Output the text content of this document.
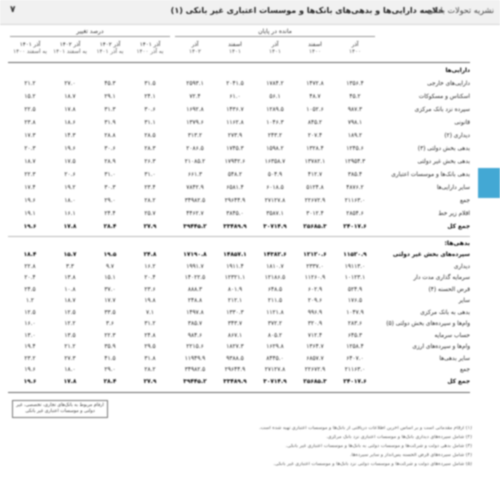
۷	خلاصه دارایی‌ها و بدهی‌های بانک‌ها و موسسات اعتباری غیر بانکی (۱)
نشریه تحولات بانکی
مانده در پایان
درصد تغییر
آذر
۱۴۰۰
اسفند
۱۴۰۰
آذر
۱۴۰۱
اسفند
۱۴۰۱
آذر
۱۴۰۲
آذر ۱۴۰۱
به آذر ۱۴۰۰
آذر ۱۴۰۲
به آذر ۱۴۰۱
آذر ۱۴۰۲
به اسفند ۱۴۰۱
آذر ۱۴۰۱
به اسفند ۱۴۰۰
دارایی‌ها
دارایی‌های خارجی
۱۳۵۶.۴
۱۴۷۲.۸
۱۷۸۴.۲
۲۰۴۱.۵
۲۵۹۳.۱
۳۱.۵
۴۵.۳
۲۷.۰
۲۱.۲
اسکناس و مسکوکات
۴۵.۲
۴۸.۷
۵۶.۱
۶۱.۰
۷۲.۴
۲۴.۱
۲۹.۱
۱۸.۷
۱۵.۲
سپرده نزد بانک مرکزی
۹۸۷.۳
۱۰۵۲.۶
۱۲۸۹.۵
۱۴۳۶.۷
۱۶۹۲.۸
۳۰.۶
۳۱.۳
۱۷.۸
۲۲.۵
قانونی
۷۹۸.۱
۸۴۵.۲
۱۰۴۶.۳
۱۱۶۲.۸
۱۳۷۹.۶
۳۱.۱
۳۱.۹
۱۸.۶
۲۳.۸
دیداری (۲)
۱۸۹.۲
۲۰۷.۴
۲۴۳.۲
۲۷۳.۹
۳۱۳.۲
۲۸.۵
۲۸.۸
۱۴.۳
۱۷.۳
بدهی بخش دولتی (۳)
۱۲۴۵.۶
۱۳۲۸.۴
۱۵۹۸.۲
۱۷۴۵.۳
۲۰۸۶.۵
۲۸.۳
۳۰.۶
۱۹.۶
۲۰.۳
بدهی بخش غیر دولتی
۱۲۹۵۴.۳
۱۳۷۸۲.۱
۱۶۳۵۸.۷
۱۷۹۴۲.۶
۲۱۰۸۵.۲
۲۶.۳
۲۸.۹
۱۷.۵
۱۸.۷
بدهی بانک‌ها و موسسات اعتباری
۳۸۵.۴
۴۱۲.۷
۵۰۴.۹
۵۴۸.۲
۶۶۱.۳
۳۱.۰
۳۱.۰
۲۰.۶
۲۲.۳
سایر دارایی‌ها
۴۸۷۶.۲
۵۱۲۴.۸
۶۰۱۸.۵
۶۵۸۱.۴
۷۸۴۲.۹
۲۳.۴
۳۰.۳
۱۹.۲
۱۷.۴
جمع
۲۱۱۶۳.۰
۲۲۶۷۲.۹
۲۷۱۲۷.۸
۲۹۶۴۴.۹
۳۴۹۸۲.۵
۲۸.۲
۲۹.۰
۱۸.۰
۱۹.۶
اقلام زیر خط
۲۸۵۴.۶
۳۰۱۲.۴
۳۵۸۷.۱
۳۸۴۵.۰
۴۴۶۲.۷
۲۵.۷
۲۴.۴
۱۶.۱
۱۹.۱
جمع کل
۲۴۰۱۷.۶
۲۵۶۸۵.۳
۳۰۷۱۴.۹
۳۳۴۸۹.۹
۳۹۴۴۵.۲
۲۷.۹
۲۸.۴
۱۷.۸
۱۹.۶
بدهی‌ها:
سپرده‌های بخش غیر دولتی
۱۱۵۲۰.۹
۱۲۱۲۰.۶
۱۴۳۸۲.۶
۱۴۸۵۷.۱
۱۷۱۹۰.۸
۲۴.۸
۱۹.۵
۱۵.۷
۱۸.۴
دیداری
۱۹۱۱۳.۰
۲۳۳۷.۰
۱۸۱۰.۷
۱۹۱۱.۴
۱۹۹۱.۷
۱۶.۲
۹.۷
۳.۳
۲۲.۸
سرمایه گذاری مدت دار
۱۰۱۲۳.۱
۱۱۲۶۰.۹
۱۲۱۸۶.۵
۱۲۳۲۱.۱
۱۴۰۲۲.۵
۲۰.۴
۱۵.۱
۱۳.۸
۲۰.۴
قرض الحسنه (۴)
۵۲۴.۹
۶۰۲.۹
۶۴۸.۵
۸۰۱.۹
۸۸۸.۳
۲۳.۶
۳۷.۰
۱۰.۸
۲۴.۵
سایر
۱۷۶.۵
۲۰۹.۶
۲۱۱.۵
۲۱۲.۱
۲۴۸.۸
۱۹.۸
۱۷.۷
۱۸.۷
۱.۲
بدهی به بانک مرکزی
۱۰۴۷.۹
۹۹۶.۹
۱۱۲۱.۸
۱۳۳۰.۳
۱۴۹۷.۸
۷.۱
۳۳.۵
۱۲.۵
۱۲.۵
وام‌ها و سپرده‌های بخش دولتی (۵)
۲۸۳.۶
۳۲۰.۹
۳۷۲.۲
۳۴۳.۷
۳۸۵.۷
۳۱.۲
۳.۶
۱۲.۲
۱۶.۰
حساب سرمایه
۶۴۵.۳
۷۱۲.۴
۸۰۵.۲
۸۶۷.۱
۹۸۴.۶
۲۴.۸
۲۲.۳
۱۳.۵
۱۳.۰
وام‌ها و سپرده‌های ارزی
۱۲۵۸.۴
۱۳۶۴.۷
۱۶۲۹.۸
۱۸۲۷.۳
۲۲۱۵.۶
۲۹.۵
۳۵.۹
۲۱.۲
۱۹.۴
سایر بدهی‌ها
۶۴۰۷.۰
۶۸۵۷.۷
۸۴۴۵.۰
۹۳۸۸.۵
۱۱۹۴۹.۹
۳۱.۸
۴۱.۵
۲۷.۳
۲۳.۲
جمع
۲۱۱۶۳.۰
۲۲۶۷۲.۹
۲۷۱۲۷.۸
۲۹۶۴۴.۹
۳۴۹۸۲.۵
۲۸.۲
۲۹.۰
۱۸.۰
۱۹.۶
جمع کل
۲۴۰۱۷.۶
۲۵۶۸۵.۳
۳۰۷۱۴.۹
۳۳۴۸۹.۹
۳۹۴۴۵.۲
۲۷.۹
۲۸.۴
۱۷.۸
۱۹.۶
ارقام مربوط به بانک‌های تجاری، تخصصی، غیر دولتی و موسسات اعتباری غیر بانکی
(۱) ارقام مقدماتی است و بر اساس آخرین اطلاعات دریافتی از بانک‌ها و موسسات اعتباری تهیه شده است.
(۲) شامل سپرده‌های دیداری بانک‌ها و موسسات اعتباری نزد بانک مرکزی.
(۳) شامل بدهی دولت و شرکت‌ها و موسسات دولتی به بانک‌ها و موسسات اعتباری غیر بانکی.
(۴) شامل سپرده‌های قرض الحسنه پس‌انداز و سایر سپرده‌ها.
(۵) شامل سپرده‌های دولت و شرکت‌ها و موسسات دولتی نزد بانک‌ها و موسسات اعتباری غیر بانکی.
